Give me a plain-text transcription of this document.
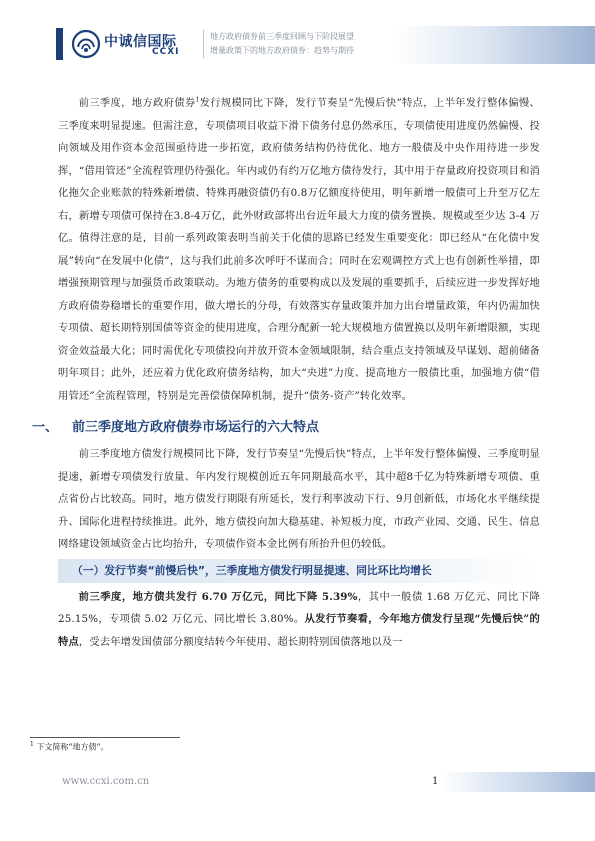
中诚信国际
CCXI
地方政府债券前三季度回顾与下阶段展望
增量政策下的地方政府债券：趋势与期待

前三季度，地方政府债券$^1$发行规模同比下降，发行节奏呈“先慢后快”特点，上半年发行整体偏慢、三季度来明显提速。但需注意，专项债项目收益下滑下债务付息仍然承压，专项债使用进度仍然偏慢、投向领域及用作资本金范围亟待进一步拓宽，政府债务结构仍待优化、地方一般债及中央作用待进一步发挥，“借用管还”全流程管理仍待强化。年内或仍有约万亿地方债待发行，其中用于存量政府投资项目和消化拖欠企业账款的特殊新增债、特殊再融资债仍有0.8万亿额度待使用，明年新增一般债可上升至万亿左右，新增专项债可保持在3.8-4万亿，此外财政部将出台近年最大力度的债务置换、规模或至少达 3-4 万亿。值得注意的是，目前一系列政策表明当前关于化债的思路已经发生重要变化：即已经从“在化债中发展”转向“在发展中化债”，这与我们此前多次呼吁不谋而合；同时在宏观调控方式上也有创新性举措，即增强预期管理与加强货币政策联动。为地方债务的重要构成以及发展的重要抓手，后续应进一步发挥好地方政府债券稳增长的重要作用，做大增长的分母，有效落实存量政策并加力出台增量政策，年内仍需加快专项债、超长期特别国债等资金的使用进度，合理分配新一轮大规模地方债置换以及明年新增限额，实现资金效益最大化；同时需优化专项债投向并放开资本金领域限制，结合重点支持领域及早谋划、超前储备明年项目；此外，还应着力优化政府债务结构，加大“央进”力度、提高地方一般债比重，加强地方债“借用管还”全流程管理，特别是完善偿债保障机制，提升“债务-资产”转化效率。

一、 前三季度地方政府债券市场运行的六大特点

前三季度地方债发行规模同比下降，发行节奏呈“先慢后快”特点，上半年发行整体偏慢、三季度明显提速，新增专项债发行放量、年内发行规模创近五年同期最高水平，其中超8千亿为特殊新增专项债、重点省份占比较高。同时，地方债发行期限有所延长，发行利率波动下行、9月创新低，市场化水平继续提升、国际化进程持续推进。此外，地方债投向加大稳基建、补短板力度，市政产业园、交通、民生、信息网络建设领域资金占比均抬升，专项债作资本金比例有所抬升但仍较低。

（一）发行节奏“前慢后快”，三季度地方债发行明显提速、同比环比均增长

前三季度，地方债共发行 6.70 万亿元，同比下降 5.39%，其中一般债 1.68 万亿元、同比下降 25.15%，专项债 5.02 万亿元、同比增长 3.80%。从发行节奏看，今年地方债发行呈现“先慢后快”的特点，受去年增发国债部分额度结转今年使用、超长期特别国债落地以及一

$^1$ 下文简称“地方债”。
www.ccxi.com.cn	1
